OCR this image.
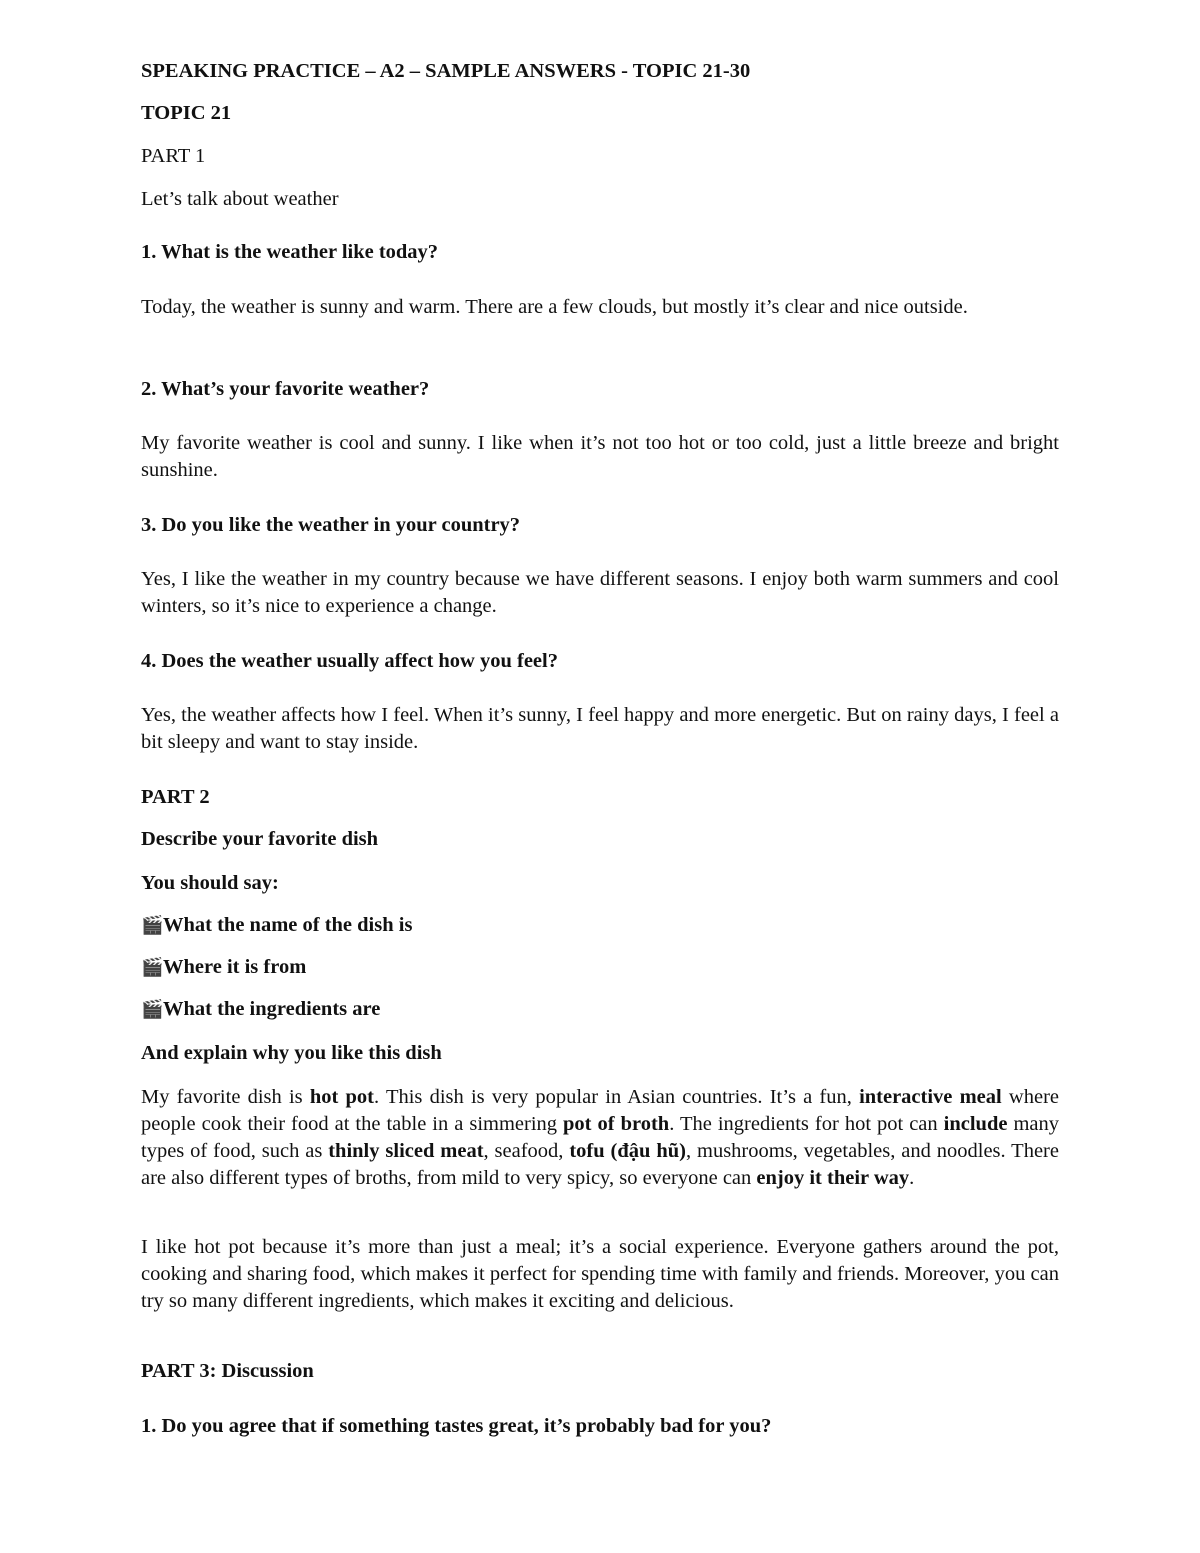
SPEAKING PRACTICE – A2 – SAMPLE ANSWERS - TOPIC 21-30

TOPIC 21

PART 1

Let’s talk about weather

1. What is the weather like today?

Today, the weather is sunny and warm. There are a few clouds, but mostly it’s clear and nice outside.

2. What’s your favorite weather?

My favorite weather is cool and sunny. I like when it’s not too hot or too cold, just a little breeze and bright sunshine.

3. Do you like the weather in your country?

Yes, I like the weather in my country because we have different seasons. I enjoy both warm summers and cool winters, so it’s nice to experience a change.

4. Does the weather usually affect how you feel?

Yes, the weather affects how I feel. When it’s sunny, I feel happy and more energetic. But on rainy days, I feel a bit sleepy and want to stay inside.

PART 2

Describe your favorite dish

You should say:

🎬What the name of the dish is

🎬Where it is from

🎬What the ingredients are

And explain why you like this dish

My favorite dish is hot pot. This dish is very popular in Asian countries. It’s a fun, interactive meal where people cook their food at the table in a simmering pot of broth. The ingredients for hot pot can include many types of food, such as thinly sliced meat, seafood, tofu (đậu hũ), mushrooms, vegetables, and noodles. There are also different types of broths, from mild to very spicy, so everyone can enjoy it their way.

I like hot pot because it’s more than just a meal; it’s a social experience. Everyone gathers around the pot, cooking and sharing food, which makes it perfect for spending time with family and friends. Moreover, you can try so many different ingredients, which makes it exciting and delicious.

PART 3: Discussion

1. Do you agree that if something tastes great, it’s probably bad for you?
